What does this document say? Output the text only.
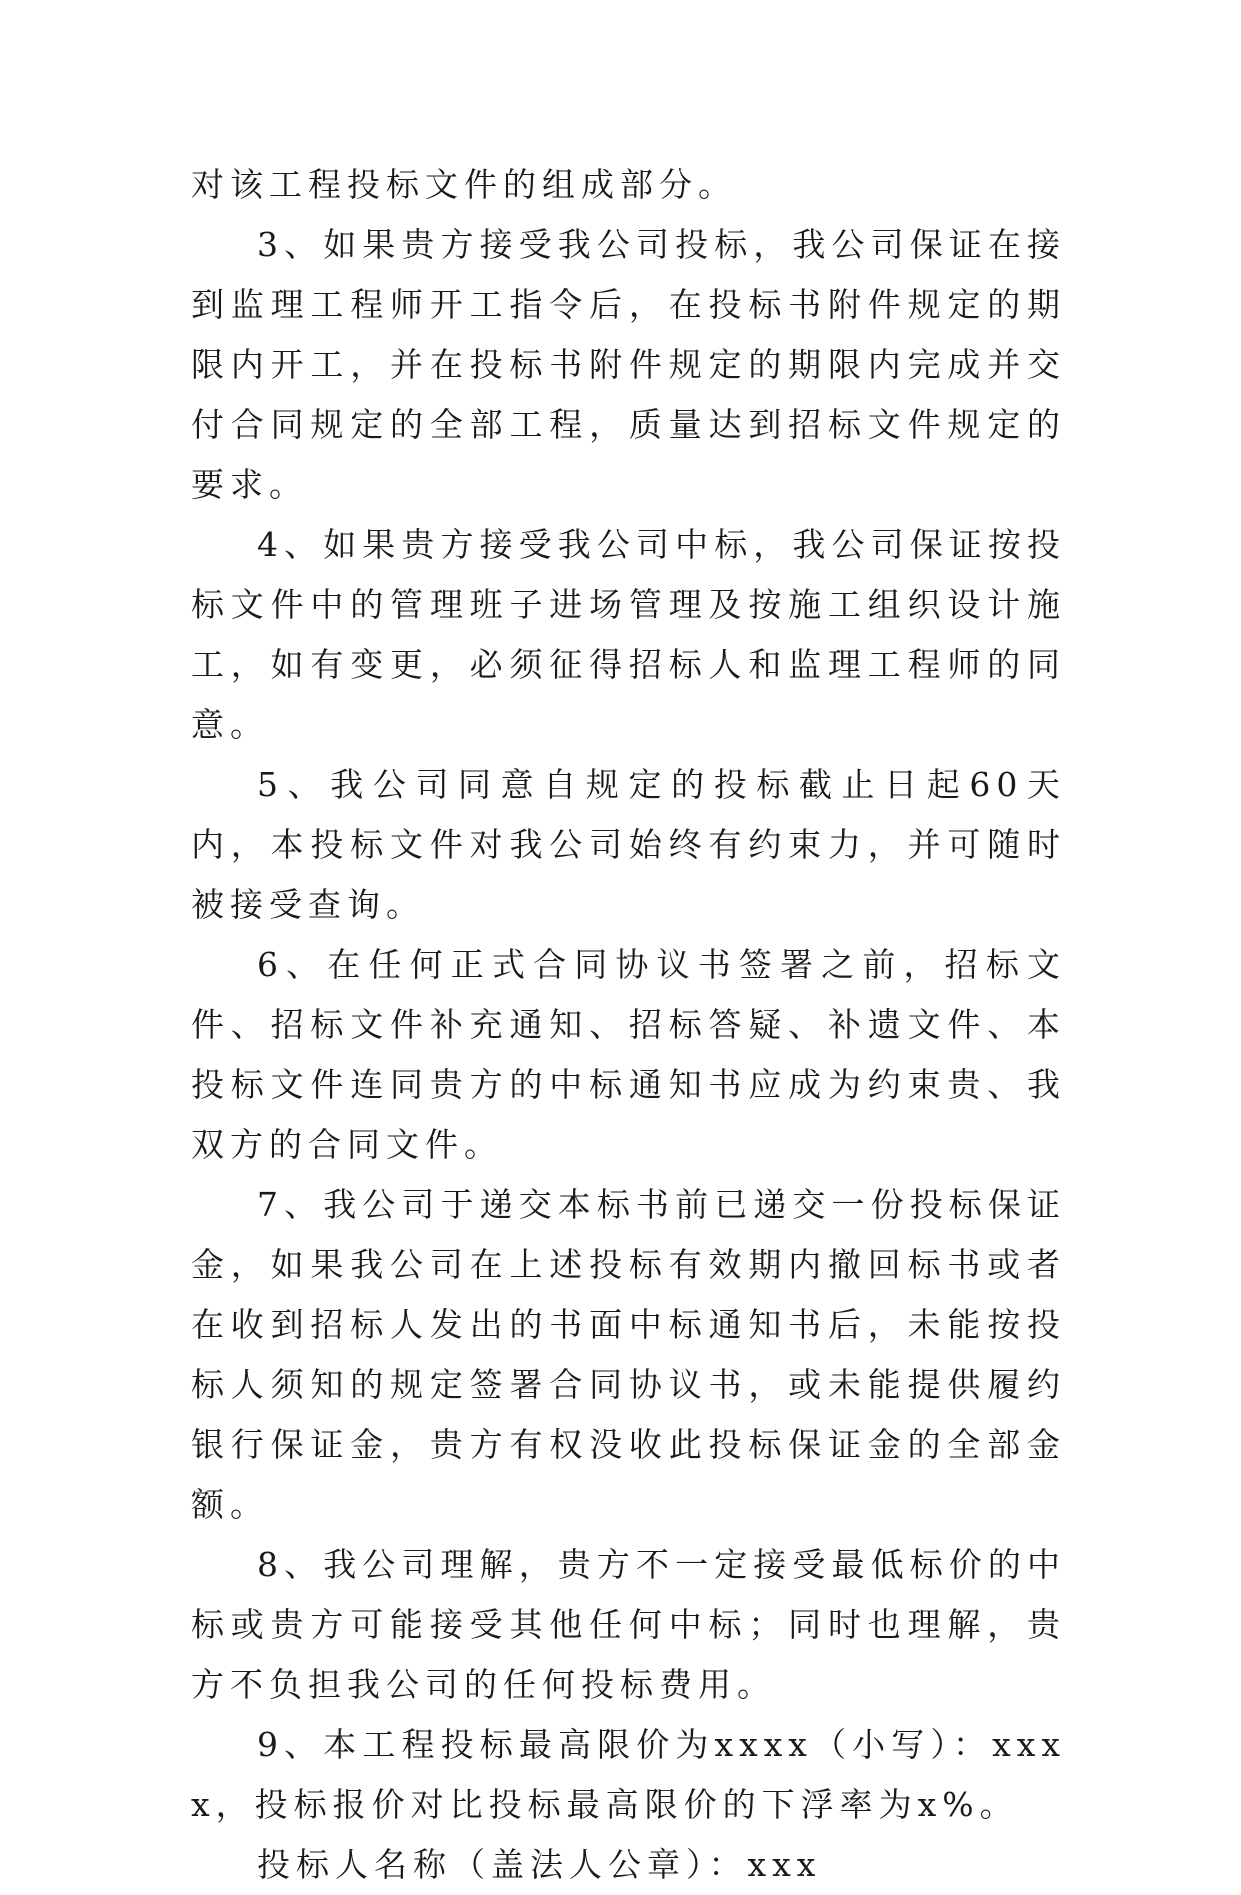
对该工程投标文件的组成部分。

3、如果贵方接受我公司投标，我公司保证在接到监理工程师开工指令后，在投标书附件规定的期限内开工，并在投标书附件规定的期限内完成并交付合同规定的全部工程，质量达到招标文件规定的要求。

4、如果贵方接受我公司中标，我公司保证按投标文件中的管理班子进场管理及按施工组织设计施工，如有变更，必须征得招标人和监理工程师的同意。

5、我公司同意自规定的投标截止日起60天内，本投标文件对我公司始终有约束力，并可随时被接受查询。

6、在任何正式合同协议书签署之前，招标文件、招标文件补充通知、招标答疑、补遗文件、本投标文件连同贵方的中标通知书应成为约束贵、我双方的合同文件。

7、我公司于递交本标书前已递交一份投标保证金，如果我公司在上述投标有效期内撤回标书或者在收到招标人发出的书面中标通知书后，未能按投标人须知的规定签署合同协议书，或未能提供履约银行保证金，贵方有权没收此投标保证金的全部金额。

8、我公司理解，贵方不一定接受最低标价的中标或贵方可能接受其他任何中标；同时也理解，贵方不负担我公司的任何投标费用。

9、本工程投标最高限价为xxxx（小写）：xxxx，投标报价对比投标最高限价的下浮率为x%。

投标人名称（盖法人公章）：xxx
